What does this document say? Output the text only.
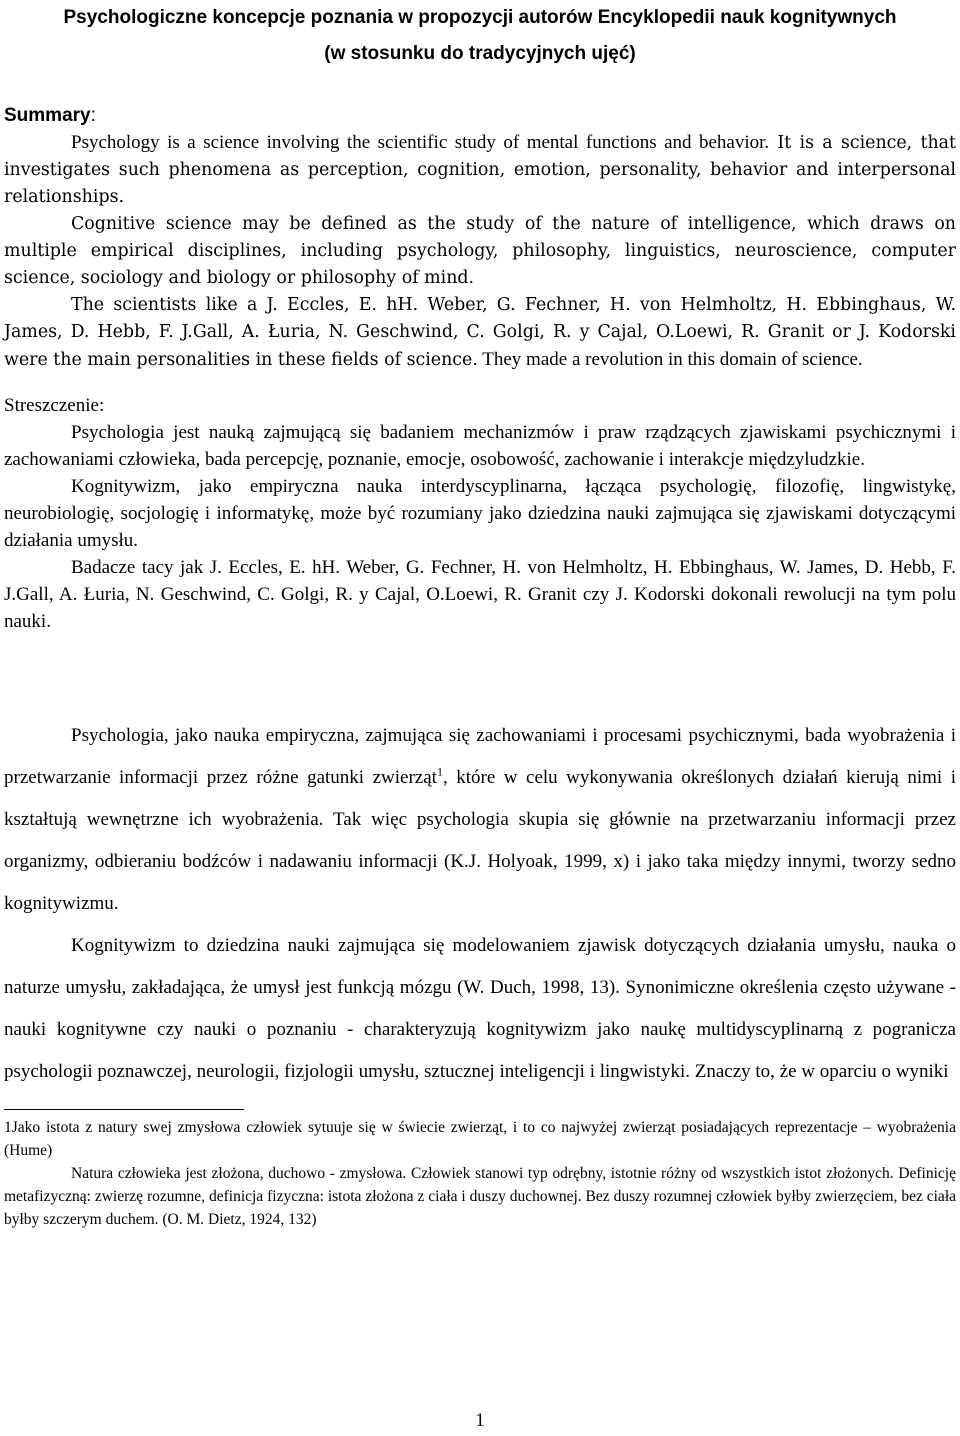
Psychologiczne koncepcje poznania w propozycji autorów Encyklopedii nauk kognitywnych

(w stosunku do tradycyjnych ujęć)

Summary:

Psychology is a science involving the scientific study of mental functions and behavior. It is a science, that investigates such phenomena as perception, cognition, emotion, personality, behavior and interpersonal relationships.

Cognitive science may be defined as the study of the nature of intelligence, which draws on multiple empirical disciplines, including psychology, philosophy, linguistics, neuroscience, computer science, sociology and biology or philosophy of mind.

The scientists like a J. Eccles, E. hH. Weber, G. Fechner, H. von Helmholtz, H. Ebbinghaus, W. James, D. Hebb, F. J.Gall, A. Łuria, N. Geschwind, C. Golgi, R. y Cajal, O.Loewi, R. Granit or J. Kodorski were the main personalities in these fields of science. They made a revolution in this domain of science.

Streszczenie:

Psychologia jest nauką zajmującą się badaniem mechanizmów i praw rządzących zjawiskami psychicznymi i zachowaniami człowieka, bada percepcję, poznanie, emocje, osobowość, zachowanie i interakcje międzyludzkie.

Kognitywizm, jako empiryczna nauka interdyscyplinarna, łącząca psychologię, filozofię, lingwistykę, neurobiologię, socjologię i informatykę, może być rozumiany jako dziedzina nauki zajmująca się zjawiskami dotyczącymi działania umysłu.

Badacze tacy jak J. Eccles, E. hH. Weber, G. Fechner, H. von Helmholtz, H. Ebbinghaus, W. James, D. Hebb, F. J.Gall, A. Łuria, N. Geschwind, C. Golgi, R. y Cajal, O.Loewi, R. Granit czy J. Kodorski dokonali rewolucji na tym polu nauki.

Psychologia, jako nauka empiryczna, zajmująca się zachowaniami i procesami psychicznymi, bada wyobrażenia i przetwarzanie informacji przez różne gatunki zwierząt$^1$, które w celu wykonywania określonych działań kierują nimi i kształtują wewnętrzne ich wyobrażenia. Tak więc psychologia skupia się głównie na przetwarzaniu informacji przez organizmy, odbieraniu bodźców i nadawaniu informacji (K.J. Holyoak, 1999, x) i jako taka między innymi, tworzy sedno kognitywizmu.

Kognitywizm to dziedzina nauki zajmująca się modelowaniem zjawisk dotyczących działania umysłu, nauka o naturze umysłu, zakładająca, że umysł jest funkcją mózgu (W. Duch, 1998, 13). Synonimiczne określenia często używane - nauki kognitywne czy nauki o poznaniu - charakteryzują kognitywizm jako naukę multidyscyplinarną z pogranicza psychologii poznawczej, neurologii, fizjologii umysłu, sztucznej inteligencji i lingwistyki. Znaczy to, że w oparciu o wyniki

1Jako istota z natury swej zmysłowa człowiek sytuuje się w świecie zwierząt, i to co najwyżej zwierząt posiadających reprezentacje – wyobrażenia (Hume)

Natura człowieka jest złożona, duchowo - zmysłowa. Człowiek stanowi typ odrębny, istotnie różny od wszystkich istot złożonych. Definicję metafizyczną: zwierzę rozumne, definicja fizyczna: istota złożona z ciała i duszy duchownej. Bez duszy rozumnej człowiek byłby zwierzęciem, bez ciała byłby szczerym duchem. (O. M. Dietz, 1924, 132)

1
